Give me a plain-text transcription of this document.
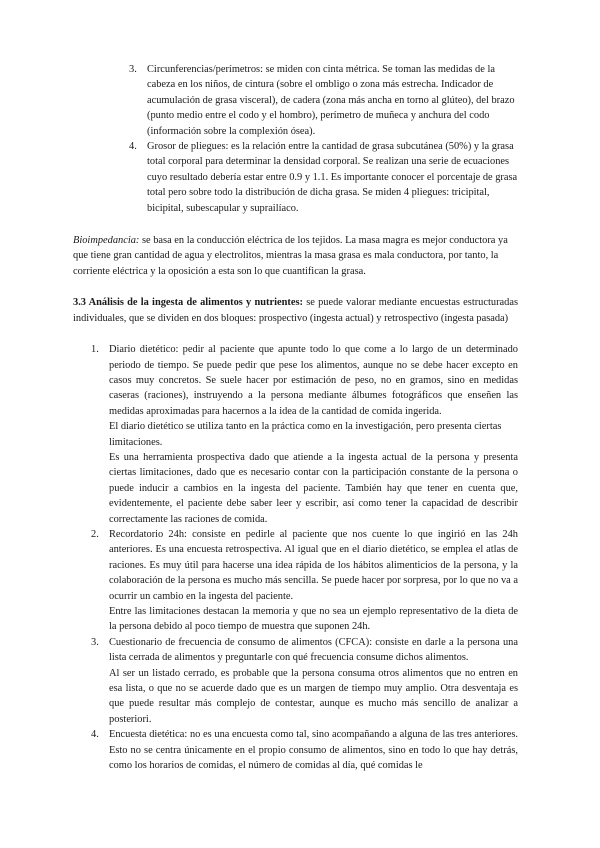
3. Circunferencias/perímetros: se miden con cinta métrica. Se toman las medidas de la cabeza en los niños, de cintura (sobre el ombligo o zona más estrecha. Indicador de acumulación de grasa visceral), de cadera (zona más ancha en torno al glúteo), del brazo (punto medio entre el codo y el hombro), perímetro de muñeca y anchura del codo (información sobre la complexión ósea).

4. Grosor de pliegues: es la relación entre la cantidad de grasa subcutánea (50%) y la grasa total corporal para determinar la densidad corporal. Se realizan una serie de ecuaciones cuyo resultado debería estar entre 0.9 y 1.1. Es importante conocer el porcentaje de grasa total pero sobre todo la distribución de dicha grasa. Se miden 4 pliegues: tricipital, bicipital, subescapular y suprailíaco.

Bioimpedancia: se basa en la conducción eléctrica de los tejidos. La masa magra es mejor conductora ya que tiene gran cantidad de agua y electrolitos, mientras la masa grasa es mala conductora, por tanto, la corriente eléctrica y la oposición a esta son lo que cuantifican la grasa.

3.3 Análisis de la ingesta de alimentos y nutrientes: se puede valorar mediante encuestas estructuradas individuales, que se dividen en dos bloques: prospectivo (ingesta actual) y retrospectivo (ingesta pasada)

1. Diario dietético: pedir al paciente que apunte todo lo que come a lo largo de un determinado periodo de tiempo. Se puede pedir que pese los alimentos, aunque no se debe hacer excepto en casos muy concretos. Se suele hacer por estimación de peso, no en gramos, sino en medidas caseras (raciones), instruyendo a la persona mediante álbumes fotográficos que enseñen las medidas aproximadas para hacernos a la idea de la cantidad de comida ingerida.

El diario dietético se utiliza tanto en la práctica como en la investigación, pero presenta ciertas limitaciones.

Es una herramienta prospectiva dado que atiende a la ingesta actual de la persona y presenta ciertas limitaciones, dado que es necesario contar con la participación constante de la persona o puede inducir a cambios en la ingesta del paciente. También hay que tener en cuenta que, evidentemente, el paciente debe saber leer y escribir, así como tener la capacidad de describir correctamente las raciones de comida.

2. Recordatorio 24h: consiste en pedirle al paciente que nos cuente lo que ingirió en las 24h anteriores. Es una encuesta retrospectiva. Al igual que en el diario dietético, se emplea el atlas de raciones. Es muy útil para hacerse una idea rápida de los hábitos alimenticios de la persona, y la colaboración de la persona es mucho más sencilla. Se puede hacer por sorpresa, por lo que no va a ocurrir un cambio en la ingesta del paciente.

Entre las limitaciones destacan la memoria y que no sea un ejemplo representativo de la dieta de la persona debido al poco tiempo de muestra que suponen 24h.

3. Cuestionario de frecuencia de consumo de alimentos (CFCA): consiste en darle a la persona una lista cerrada de alimentos y preguntarle con qué frecuencia consume dichos alimentos.

Al ser un listado cerrado, es probable que la persona consuma otros alimentos que no entren en esa lista, o que no se acuerde dado que es un margen de tiempo muy amplio. Otra desventaja es que puede resultar más complejo de contestar, aunque es mucho más sencillo de analizar a posteriori.

4. Encuesta dietética: no es una encuesta como tal, sino acompañando a alguna de las tres anteriores. Esto no se centra únicamente en el propio consumo de alimentos, sino en todo lo que hay detrás, como los horarios de comidas, el número de comidas al día, qué comidas le
